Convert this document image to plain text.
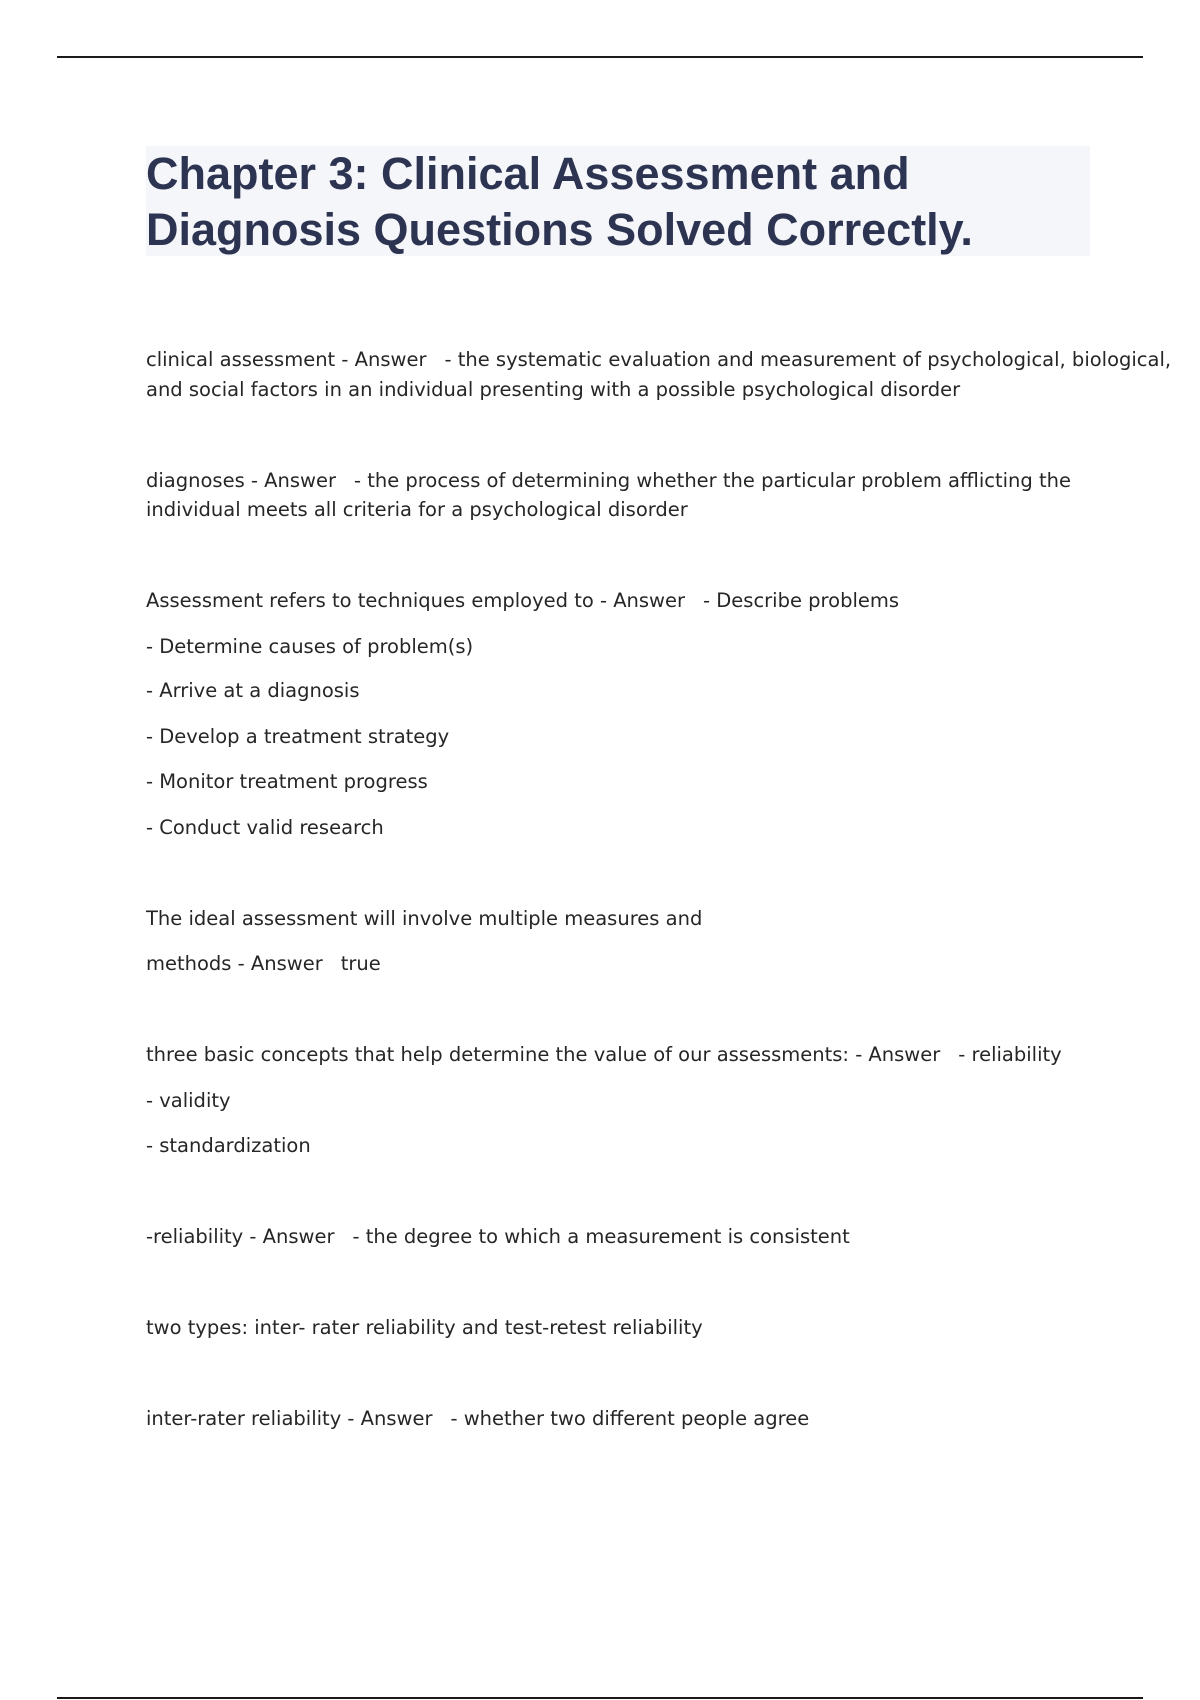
Chapter 3: Clinical Assessment and Diagnosis Questions Solved Correctly.
clinical assessment - Answer - the systematic evaluation and measurement of psychological, biological,
and social factors in an individual presenting with a possible psychological disorder
diagnoses - Answer - the process of determining whether the particular problem afflicting the
individual meets all criteria for a psychological disorder
Assessment refers to techniques employed to - Answer - Describe problems
- Determine causes of problem(s)
- Arrive at a diagnosis
- Develop a treatment strategy
- Monitor treatment progress
- Conduct valid research
The ideal assessment will involve multiple measures and
methods - Answer true
three basic concepts that help determine the value of our assessments: - Answer - reliability
- validity
- standardization
-reliability - Answer - the degree to which a measurement is consistent
two types: inter- rater reliability and test-retest reliability
inter-rater reliability - Answer - whether two different people agree
